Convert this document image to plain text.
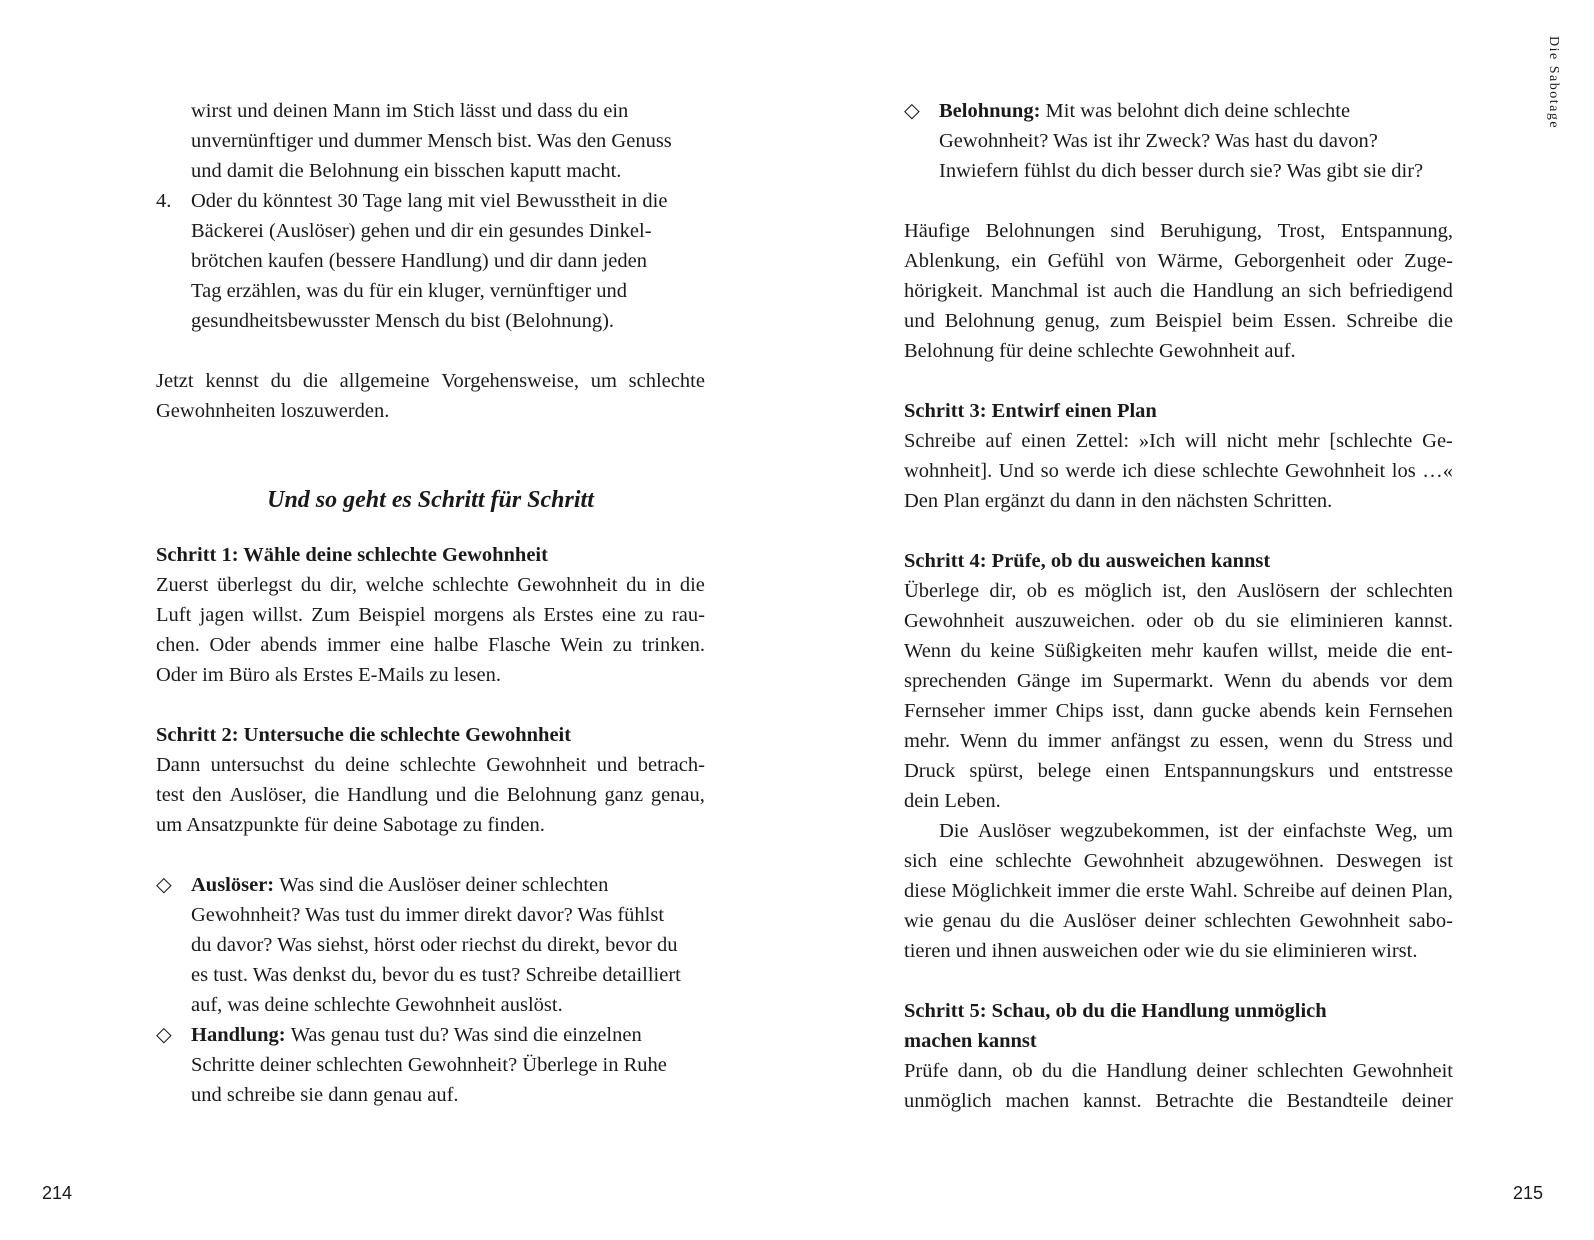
wirst und deinen Mann im Stich lässt und dass du ein
unvernünftiger und dummer Mensch bist. Was den Genuss
und damit die Belohnung ein bisschen kaputt macht.
4. Oder du könntest 30 Tage lang mit viel Bewusstheit in die
Bäckerei (Auslöser) gehen und dir ein gesundes Dinkel-
brötchen kaufen (bessere Handlung) und dir dann jeden
Tag erzählen, was du für ein kluger, vernünftiger und
gesundheitsbewusster Mensch du bist (Belohnung).
Jetzt kennst du die allgemeine Vorgehensweise, um schlechte
Gewohnheiten loszuwerden.
Und so geht es Schritt für Schritt
Schritt 1: Wähle deine schlechte Gewohnheit
Zuerst überlegst du dir, welche schlechte Gewohnheit du in die
Luft jagen willst. Zum Beispiel morgens als Erstes eine zu rau-
chen. Oder abends immer eine halbe Flasche Wein zu trinken.
Oder im Büro als Erstes E-Mails zu lesen.
Schritt 2: Untersuche die schlechte Gewohnheit
Dann untersuchst du deine schlechte Gewohnheit und betrach-
test den Auslöser, die Handlung und die Belohnung ganz genau,
um Ansatzpunkte für deine Sabotage zu finden.
◇ Auslöser:
Was sind die Auslöser deiner schlechten
Gewohnheit? Was tust du immer direkt davor? Was fühlst
du davor? Was siehst, hörst oder riechst du direkt, bevor du
es tust. Was denkst du, bevor du es tust? Schreibe detailliert
auf, was deine schlechte Gewohnheit auslöst.
◇ Handlung:
Was genau tust du? Was sind die einzelnen
Schritte deiner schlechten Gewohnheit? Überlege in Ruhe
und schreibe sie dann genau auf.
214
◇ Belohnung:
Mit was belohnt dich deine schlechte
Gewohnheit? Was ist ihr Zweck? Was hast du davon?
Inwiefern fühlst du dich besser durch sie? Was gibt sie dir?
Häufige Belohnungen sind Beruhigung, Trost, Entspannung,
Ablenkung, ein Gefühl von Wärme, Geborgenheit oder Zuge-
hörigkeit. Manchmal ist auch die Handlung an sich befriedigend
und Belohnung genug, zum Beispiel beim Essen. Schreibe die
Belohnung für deine schlechte Gewohnheit auf.
Schritt 3: Entwirf einen Plan
Schreibe auf einen Zettel: »Ich will nicht mehr [schlechte Ge-
wohnheit]. Und so werde ich diese schlechte Gewohnheit los …«
Den Plan ergänzt du dann in den nächsten Schritten.
Schritt 4: Prüfe, ob du ausweichen kannst
Überlege dir, ob es möglich ist, den Auslösern der schlechten
Gewohnheit auszuweichen. oder ob du sie eliminieren kannst.
Wenn du keine Süßigkeiten mehr kaufen willst, meide die ent-
sprechenden Gänge im Supermarkt. Wenn du abends vor dem
Fernseher immer Chips isst, dann gucke abends kein Fernsehen
mehr. Wenn du immer anfängst zu essen, wenn du Stress und
Druck spürst, belege einen Entspannungskurs und entstresse
dein Leben.
Die Auslöser wegzubekommen, ist der einfachste Weg, um
sich eine schlechte Gewohnheit abzugewöhnen. Deswegen ist
diese Möglichkeit immer die erste Wahl. Schreibe auf deinen Plan,
wie genau du die Auslöser deiner schlechten Gewohnheit sabo-
tieren und ihnen ausweichen oder wie du sie eliminieren wirst.
Schritt 5: Schau, ob du die Handlung unmöglich
machen kannst
Prüfe dann, ob du die Handlung deiner schlechten Gewohnheit
unmöglich machen kannst. Betrachte die Bestandteile deiner
Die Sabotage
215
